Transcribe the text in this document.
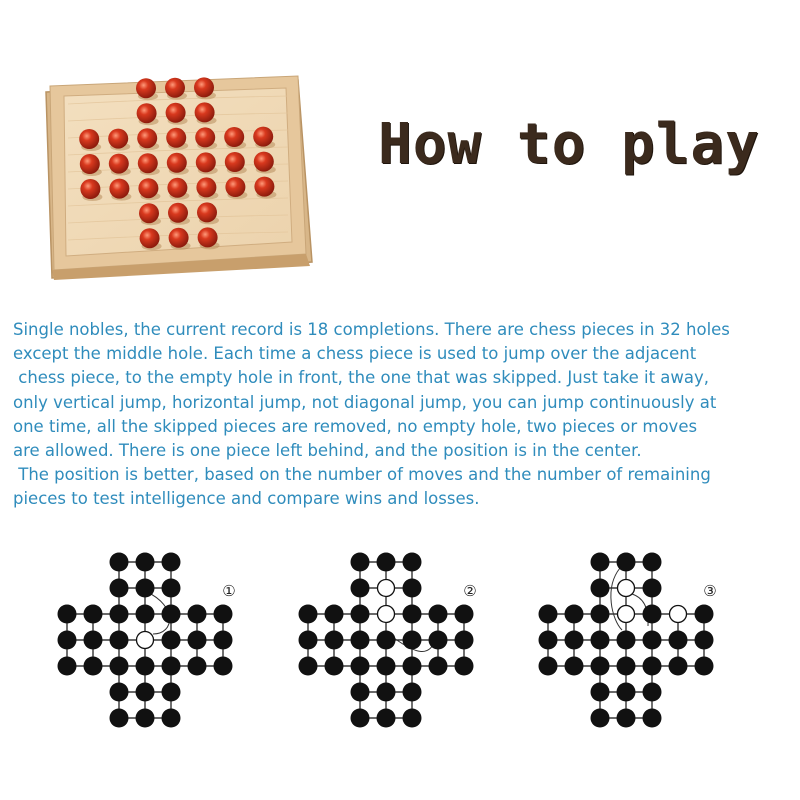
How to play
Single nobles, the current record is 18 completions. There are chess pieces in 32 holes
except the middle hole. Each time a chess piece is used to jump over the adjacent
chess piece, to the empty hole in front, the one that was skipped. Just take it away,
only vertical jump, horizontal jump, not diagonal jump, you can jump continuously at
one time, all the skipped pieces are removed, no empty hole, two pieces or moves
are allowed. There is one piece left behind, and the position is in the center.
The position is better, based on the number of moves and the number of remaining
pieces to test intelligence and compare wins and losses.
①	②	③
